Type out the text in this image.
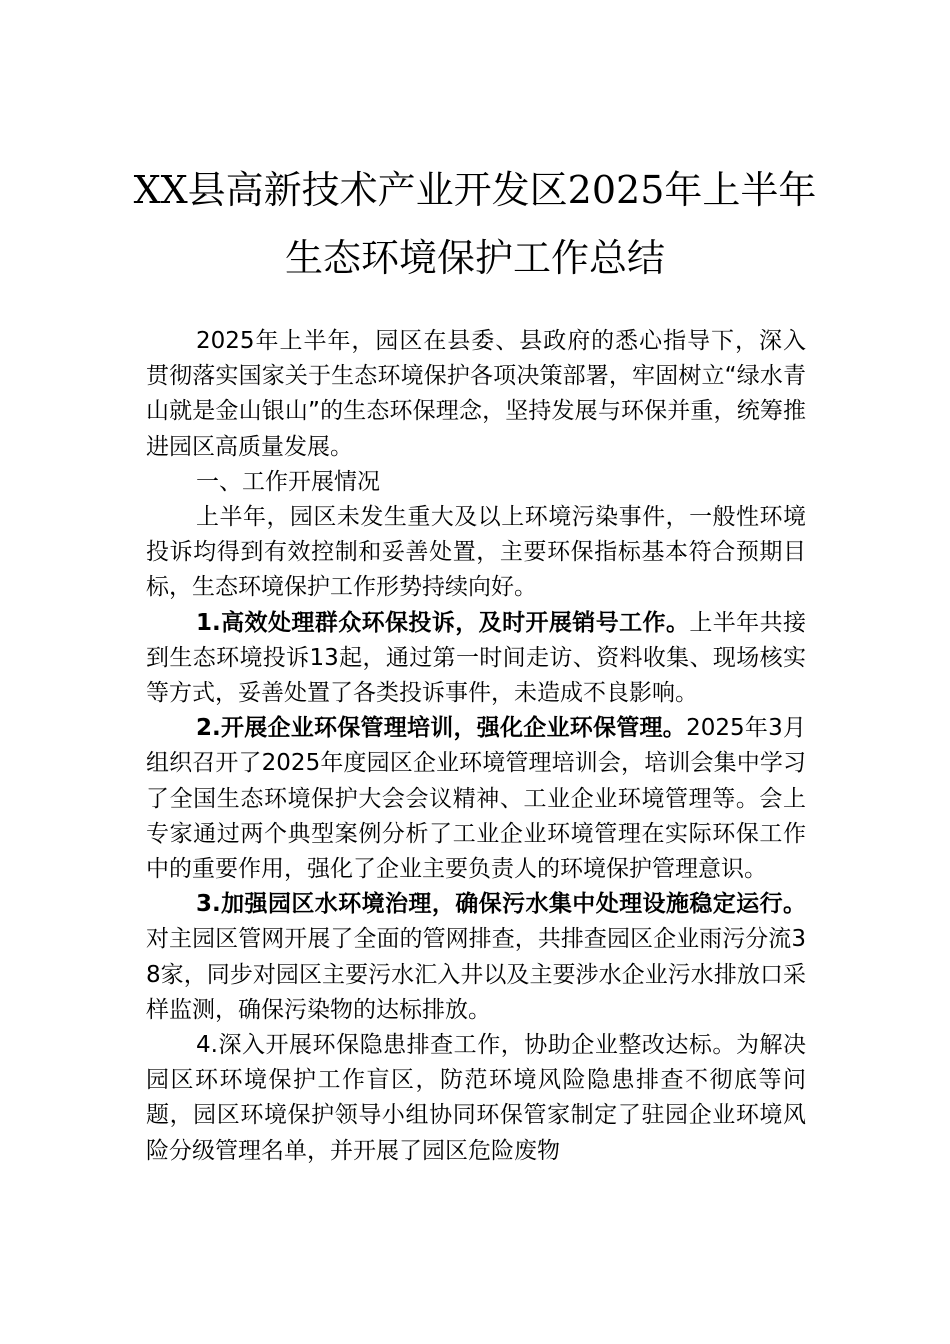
XX县高新技术产业开发区2025年上半年
生态环境保护工作总结

2025年上半年，园区在县委、县政府的悉心指导下，深入贯彻落实国家关于生态环境保护各项决策部署，牢固树立“绿水青山就是金山银山”的生态环保理念，坚持发展与环保并重，统筹推进园区高质量发展。

一、工作开展情况

上半年，园区未发生重大及以上环境污染事件，一般性环境投诉均得到有效控制和妥善处置，主要环保指标基本符合预期目标，生态环境保护工作形势持续向好。

1.高效处理群众环保投诉，及时开展销号工作。上半年共接到生态环境投诉13起，通过第一时间走访、资料收集、现场核实等方式，妥善处置了各类投诉事件，未造成不良影响。

2.开展企业环保管理培训，强化企业环保管理。2025年3月组织召开了2025年度园区企业环境管理培训会，培训会集中学习了全国生态环境保护大会会议精神、工业企业环境管理等。会上专家通过两个典型案例分析了工业企业环境管理在实际环保工作中的重要作用，强化了企业主要负责人的环境保护管理意识。

3.加强园区水环境治理，确保污水集中处理设施稳定运行。对主园区管网开展了全面的管网排查，共排查园区企业雨污分流38家，同步对园区主要污水汇入井以及主要涉水企业污水排放口采样监测，确保污染物的达标排放。

4.深入开展环保隐患排查工作，协助企业整改达标。为解决园区环环境保护工作盲区，防范环境风险隐患排查不彻底等问题，园区环境保护领导小组协同环保管家制定了驻园企业环境风险分级管理名单，并开展了园区危险废物
